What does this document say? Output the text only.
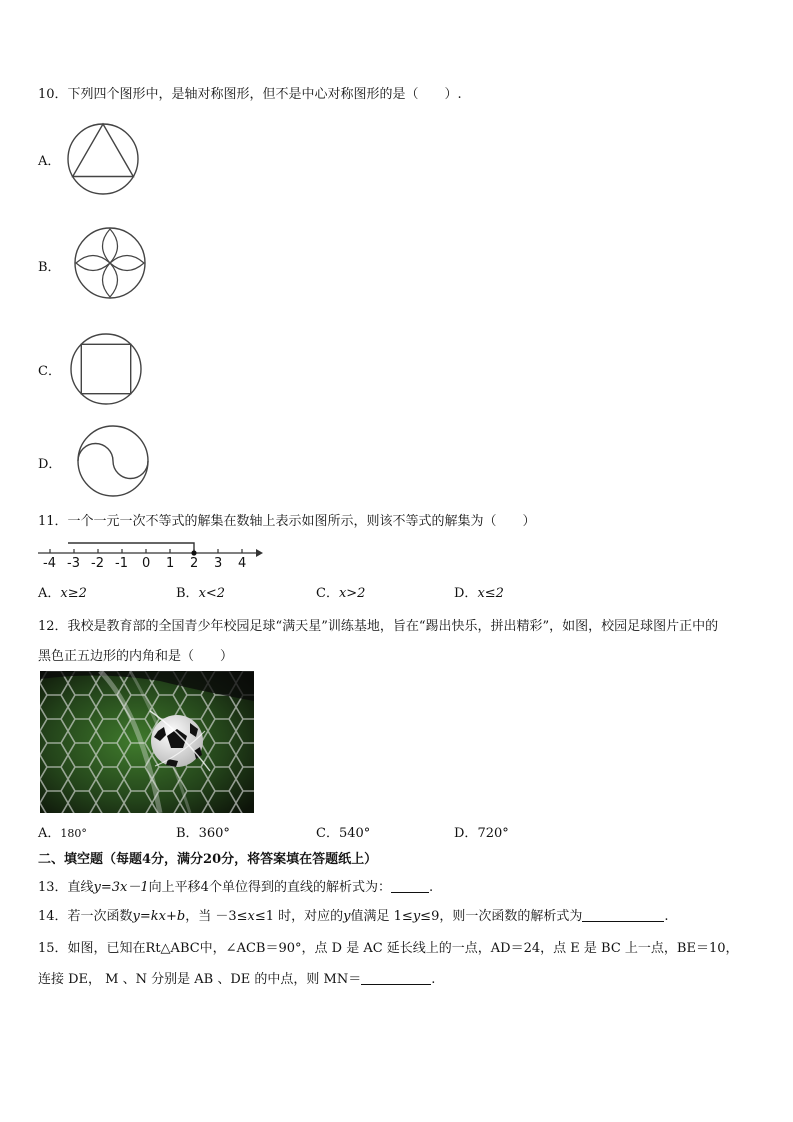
10．下列四个图形中，是轴对称图形，但不是中心对称图形的是（　　）.
A．
B．
C．
D．
11．一个一元一次不等式的解集在数轴上表示如图所示，则该不等式的解集为（　　）
-4 -3 -2 -1 0 1 2 3 4
A．x≥2	B．x<2	C．x>2	D．x≤2
12．我校是教育部的全国青少年校园足球“满天星”训练基地，旨在“踢出快乐，拼出精彩”，如图，校园足球图片正中的
黑色正五边形的内角和是（　　）
A．180°	B．360°	C．540°	D．720°
二、填空题（每题4分，满分20分，将答案填在答题纸上）
13．直线y=3x－1向上平移4个单位得到的直线的解析式为：	.
14．若一次函数y=kx+b，当 －3≤x≤1 时，对应的y值满足 1≤y≤9，则一次函数的解析式为	.
15．如图，已知在Rt△ABC中，∠ACB＝90°，点 D 是 AC 延长线上的一点，AD＝24，点 E 是 BC 上一点，BE＝10，
连接 DE， M 、N 分别是 AB 、DE 的中点，则 MN＝	.
